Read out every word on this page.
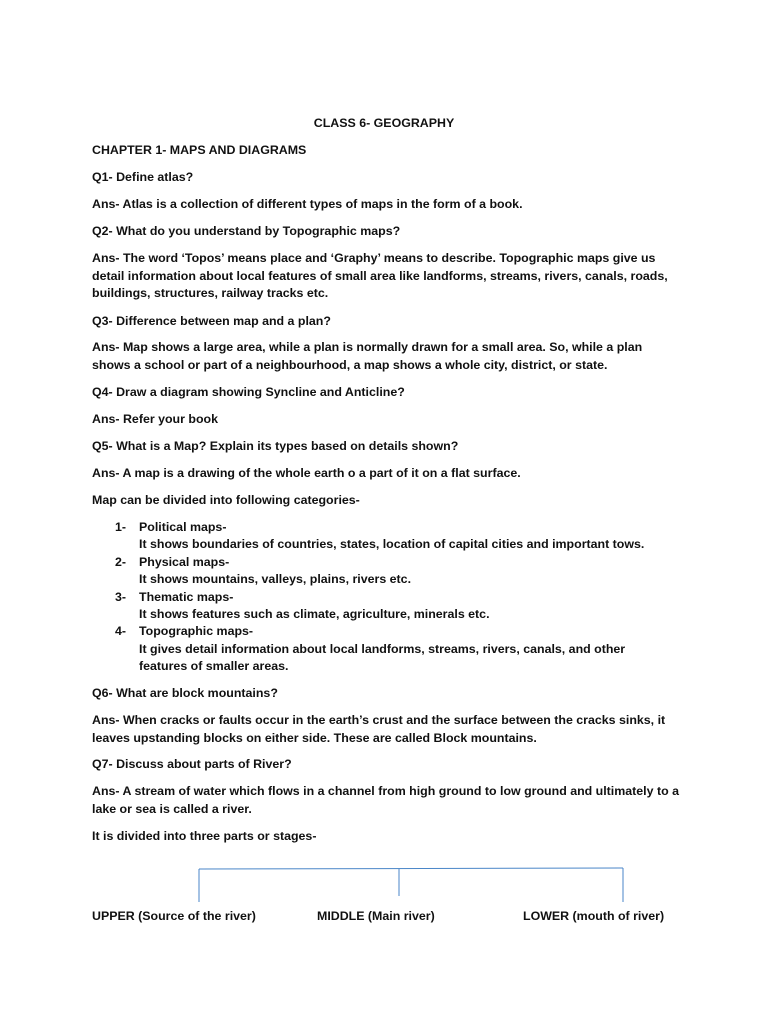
CLASS 6- GEOGRAPHY

CHAPTER 1- MAPS AND DIAGRAMS

Q1- Define atlas?

Ans- Atlas is a collection of different types of maps in the form of a book.

Q2- What do you understand by Topographic maps?

Ans- The word ‘Topos’ means place and ‘Graphy’ means to describe. Topographic maps give us detail information about local features of small area like landforms, streams, rivers, canals, roads, buildings, structures, railway tracks etc.

Q3- Difference between map and a plan?

Ans- Map shows a large area, while a plan is normally drawn for a small area. So, while a plan shows a school or part of a neighbourhood, a map shows a whole city, district, or state.

Q4- Draw a diagram showing Syncline and Anticline?

Ans- Refer your book

Q5- What is a Map? Explain its types based on details shown?

Ans- A map is a drawing of the whole earth o a part of it on a flat surface.

Map can be divided into following categories-

1- Political maps-
It shows boundaries of countries, states, location of capital cities and important tows.
2- Physical maps-
It shows mountains, valleys, plains, rivers etc.
3- Thematic maps-
It shows features such as climate, agriculture, minerals etc.
4- Topographic maps-
It gives detail information about local landforms, streams, rivers, canals, and other features of smaller areas.

Q6- What are block mountains?

Ans- When cracks or faults occur in the earth’s crust and the surface between the cracks sinks, it leaves upstanding blocks on either side. These are called Block mountains.

Q7- Discuss about parts of River?

Ans- A stream of water which flows in a channel from high ground to low ground and ultimately to a lake or sea is called a river.

It is divided into three parts or stages-

UPPER (Source of the river)	MIDDLE (Main river)	LOWER (mouth of river)
